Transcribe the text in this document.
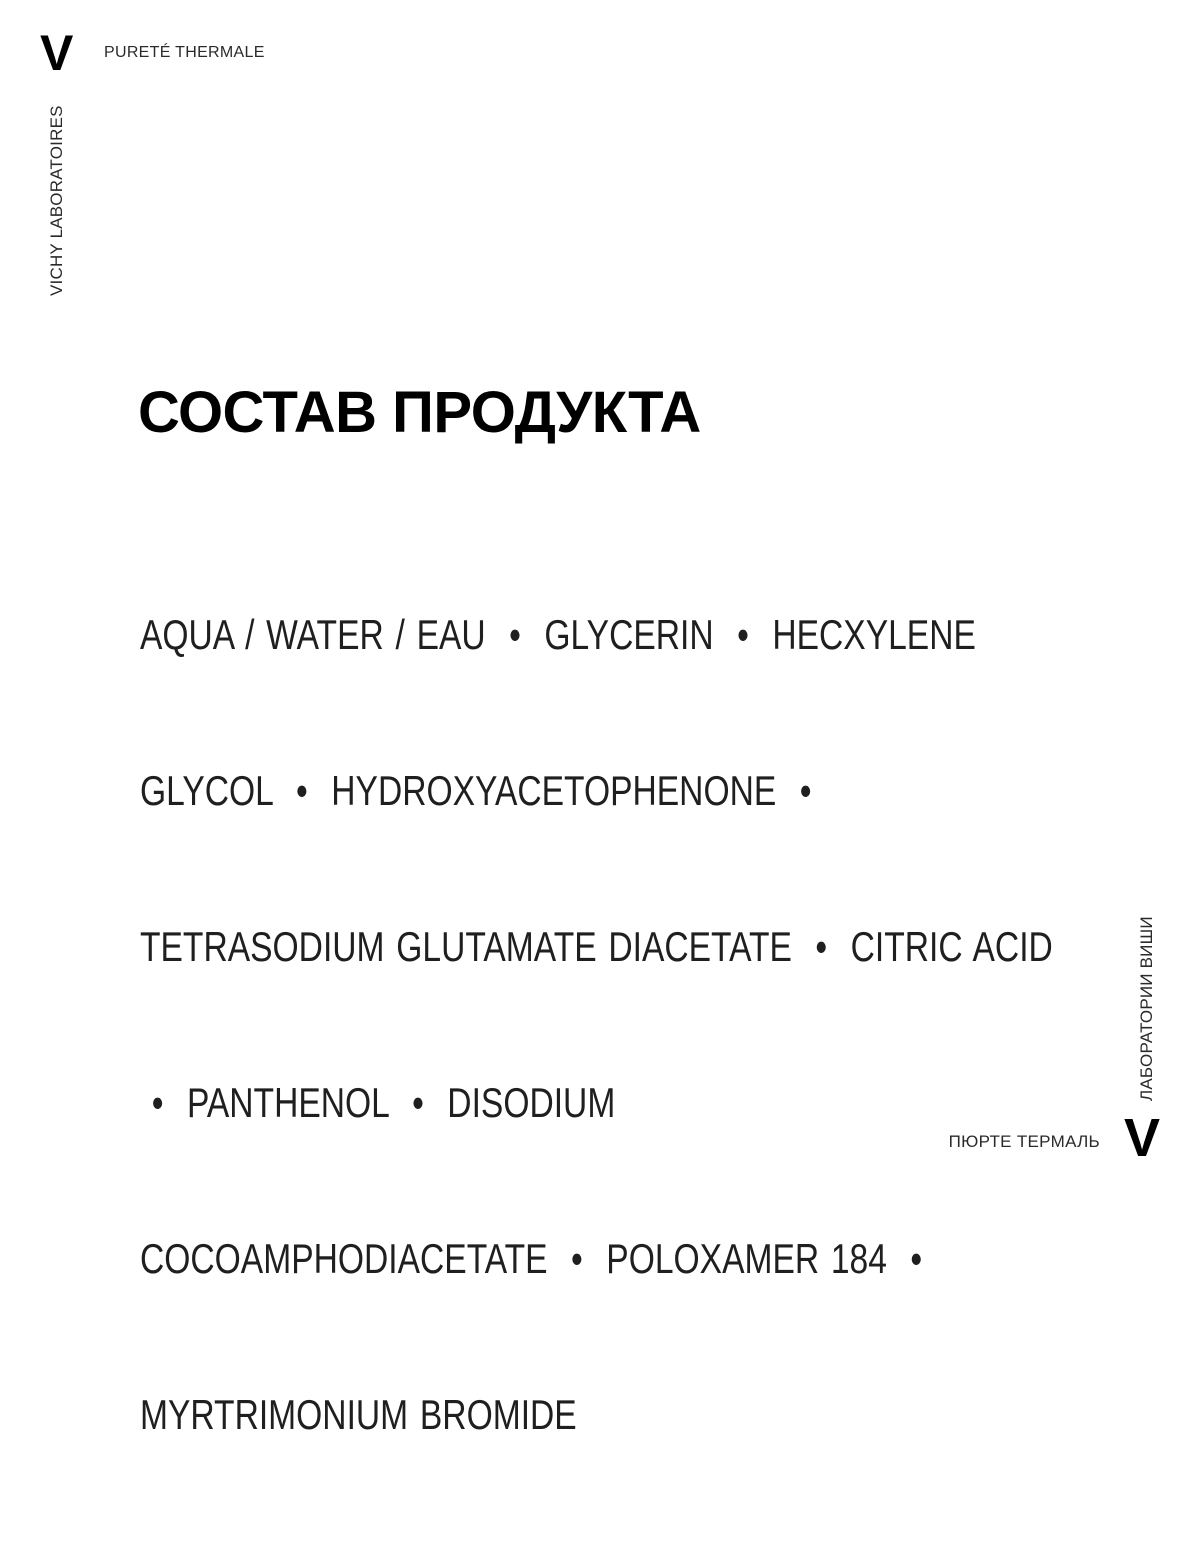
V PURETÉ THERMALE
VICHY LABORATOIRES
СОСТАВ ПРОДУКТА

AQUA / WATER / EAU  •  GLYCERIN  •  HECXYLENE

GLYCOL  •  HYDROXYACETOPHENONE  •

TETRASODIUM GLUTAMATE DIACETATE  •  CITRIC ACID

•  PANTHENOL  •  DISODIUM

COCOAMPHODIACETATE  •  POLOXAMER 184  •

MYRTRIMONIUM BROMIDE

ЛАБОРАТОРИИ ВИШИ
ПЮРТЕ ТЕРМАЛЬ V
